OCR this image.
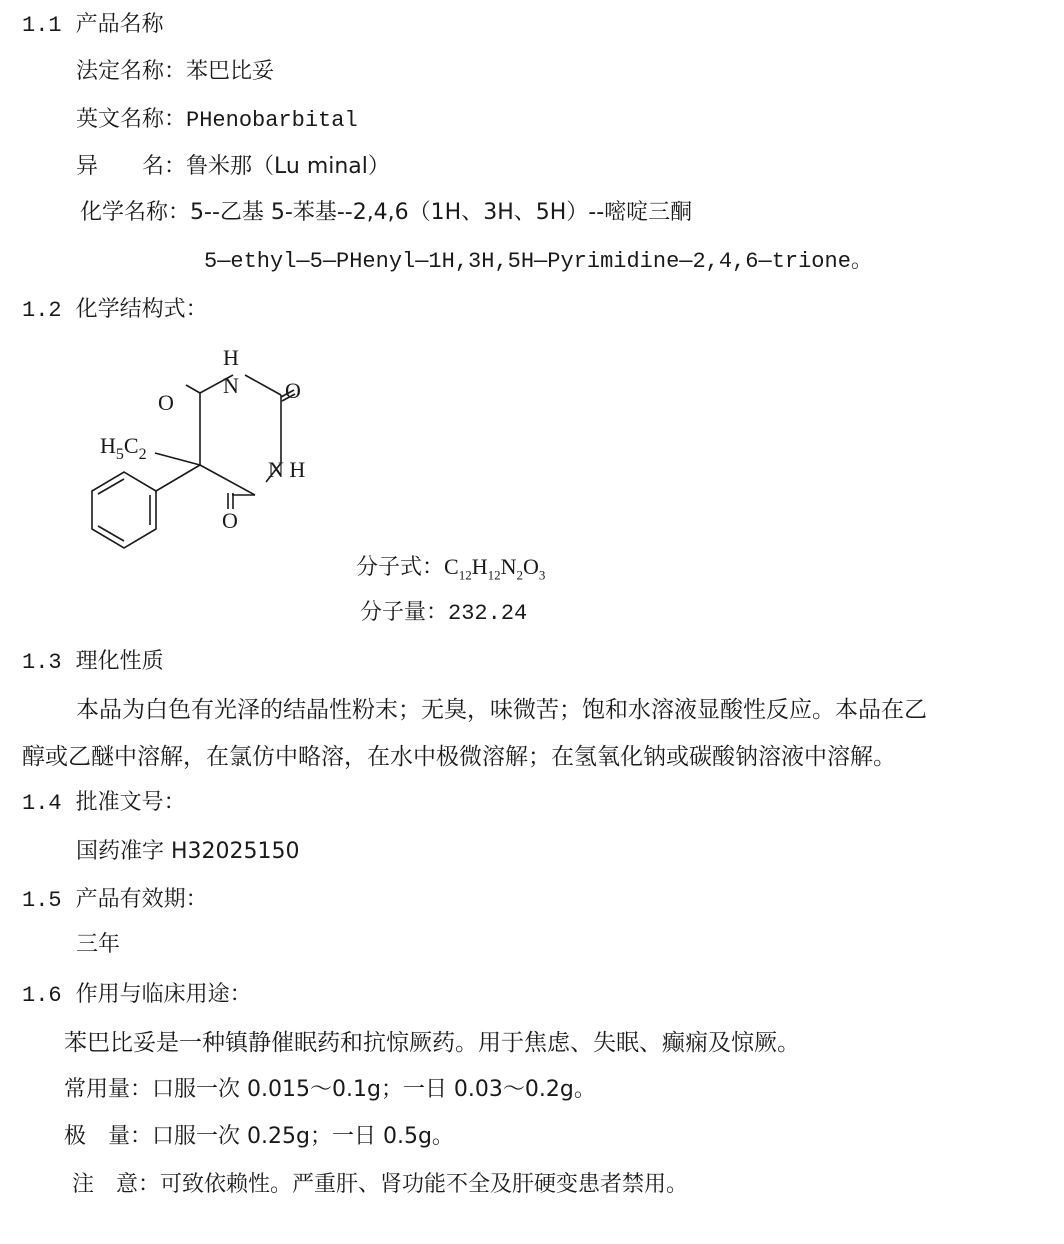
1.1 产品名称
法定名称：苯巴比妥
英文名称：PHenobarbital
异　　名：鲁米那（Lu minal）
化学名称：5--乙基 5-苯基--2,4,6（1H、3H、5H）--嘧啶三酮
5—ethyl—5—PHenyl—1H,3H,5H—Pyrimidine—2,4,6—trione。
1.2 化学结构式：
H
N O
O
N H
O
$H_5C_2$
分子式：$C_{12}H_{12}N_2O_3$
分子量：232.24
1.3 理化性质
本品为白色有光泽的结晶性粉末；无臭，味微苦；饱和水溶液显酸性反应。本品在乙
醇或乙醚中溶解，在氯仿中略溶，在水中极微溶解；在氢氧化钠或碳酸钠溶液中溶解。
1.4 批准文号：
国药准字 H32025150
1.5 产品有效期：
三年
1.6 作用与临床用途：
苯巴比妥是一种镇静催眠药和抗惊厥药。用于焦虑、失眠、癫痫及惊厥。
常用量：口服一次 0.015～0.1g；一日 0.03～0.2g。
极　量：口服一次 0.25g；一日 0.5g。
注　意：可致依赖性。严重肝、肾功能不全及肝硬变患者禁用。
